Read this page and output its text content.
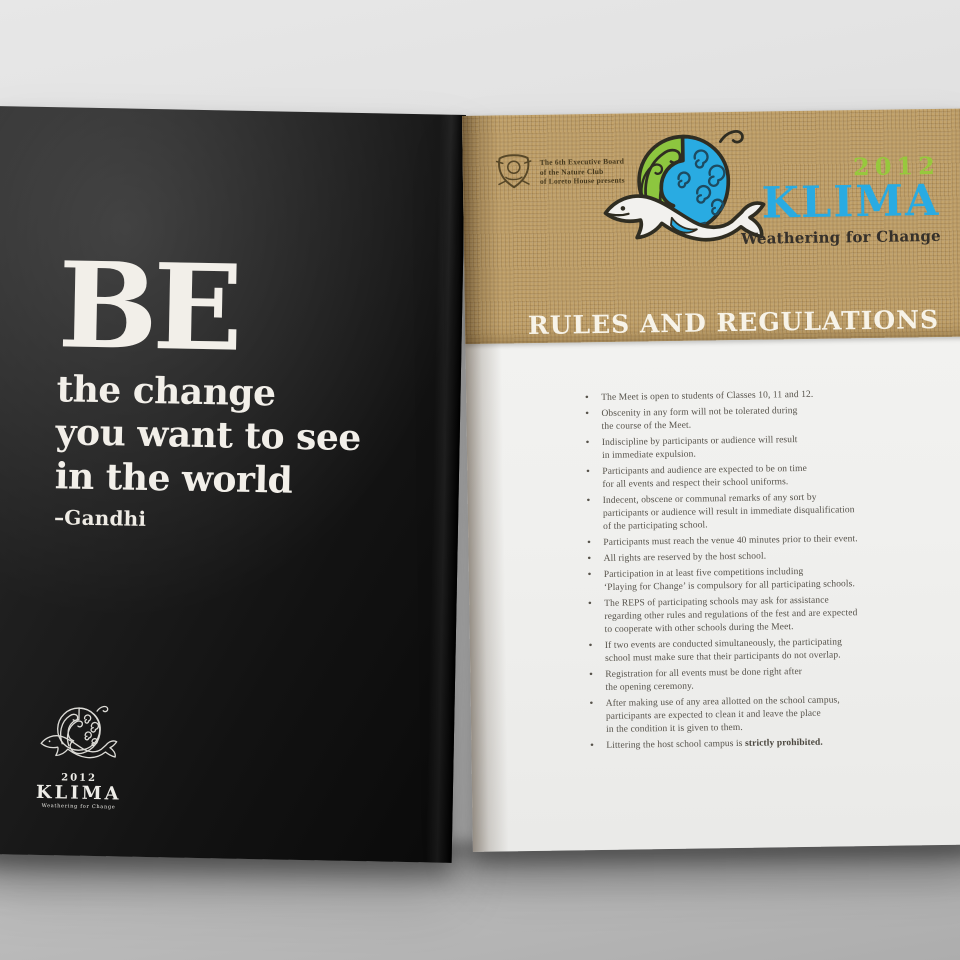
BE
the change
you want to see
in the world
–Gandhi
2012
KLIMA
Weathering for Change
The 6th Executive Board
of the Nature Club
of Loreto House presents	2012
KLIMA
Weathering for Change
RULES AND REGULATIONS
•	The Meet is open to students of Classes 10, 11 and 12.
•	Obscenity in any form will not be tolerated during
the course of the Meet.
•	Indiscipline by participants or audience will result
in immediate expulsion.
•	Participants and audience are expected to be on time
for all events and respect their school uniforms.
•	Indecent, obscene or communal remarks of any sort by
participants or audience will result in immediate disqualification
of the participating school.
•	Participants must reach the venue 40 minutes prior to their event.
•	All rights are reserved by the host school.
•	Participation in at least five competitions including
‘Playing for Change’ is compulsory for all participating schools.
•	The REPS of participating schools may ask for assistance
regarding other rules and regulations of the fest and are expected
to cooperate with other schools during the Meet.
•	If two events are conducted simultaneously, the participating
school must make sure that their participants do not overlap.
•	Registration for all events must be done right after
the opening ceremony.
•	After making use of any area allotted on the school campus,
participants are expected to clean it and leave the place
in the condition it is given to them.
•	Littering the host school campus is strictly prohibited.
